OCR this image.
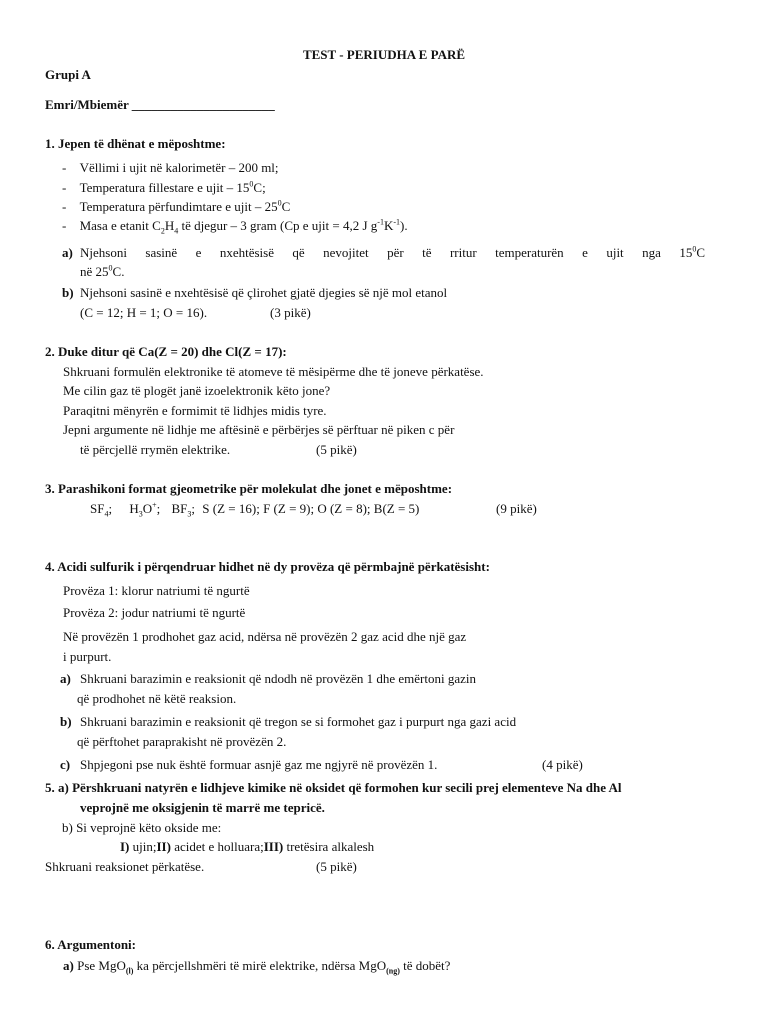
TEST - PERIUDHA E PARË
Grupi A
Emri/Mbiemër ______________________
1. Jepen të dhënat e mëposhtme:
- Vëllimi i ujit në kalorimetër – 200 ml;
- Temperatura fillestare e ujit – $15^0C$;
- Temperatura përfundimtare e ujit – $25^0C$
- Masa e etanit $C_2H_4$ të djegur – 3 gram (Cp e ujit = 4,2 J $g^{-1}K^{-1}$).
a) Njehsoni sasinë e nxehtësisë që nevojitet për të rritur temperaturën e ujit nga $15^0C$
në $25^0C$.
b) Njehsoni sasinë e nxehtësisë që çlirohet gjatë djegies së një mol etanol
(C = 12; H = 1; O = 16).	(3 pikë)
2. Duke ditur që Ca(Z = 20) dhe Cl(Z = 17):
Shkruani formulën elektronike të atomeve të mësipërme dhe të joneve përkatëse.
Me cilin gaz të plogët janë izoelektronik këto jone?
Paraqitni mënyrën e formimit të lidhjes midis tyre.
Jepni argumente në lidhje me aftësinë e përbërjes së përftuar në piken c për
të përcjellë rrymën elektrike.	(5 pikë)
3. Parashikoni format gjeometrike për molekulat dhe jonet e mëposhtme:
$SF_4$; $H_3O^+$; $BF_3$; S (Z = 16); F (Z = 9); O (Z = 8); B(Z = 5)	(9 pikë)
4. Acidi sulfurik i përqendruar hidhet në dy provëza që përmbajnë përkatësisht:
Provëza 1: klorur natriumi të ngurtë
Provëza 2: jodur natriumi të ngurtë
Në provëzën 1 prodhohet gaz acid, ndërsa në provëzën 2 gaz acid dhe një gaz
i purpurt.
a) Shkruani barazimin e reaksionit që ndodh në provëzën 1 dhe emërtoni gazin
që prodhohet në këtë reaksion.
b) Shkruani barazimin e reaksionit që tregon se si formohet gaz i purpurt nga gazi acid
që përftohet paraprakisht në provëzën 2.
c) Shpjegoni pse nuk është formuar asnjë gaz me ngjyrë në provëzën 1.	(4 pikë)
5. a) Përshkruani natyrën e lidhjeve kimike në oksidet që formohen kur secili prej elementeve Na dhe Al
veprojnë me oksigjenin të marrë me tepricë.
b) Si veprojnë këto okside me:
I) ujin;II) acidet e holluara;III) tretësira alkalesh
Shkruani reaksionet përkatëse.	(5 pikë)
6. Argumentoni:
a) Pse MgO$_{(l)}$ ka përcjellshmëri të mirë elektrike, ndërsa MgO$_{(ng)}$ të dobët?
